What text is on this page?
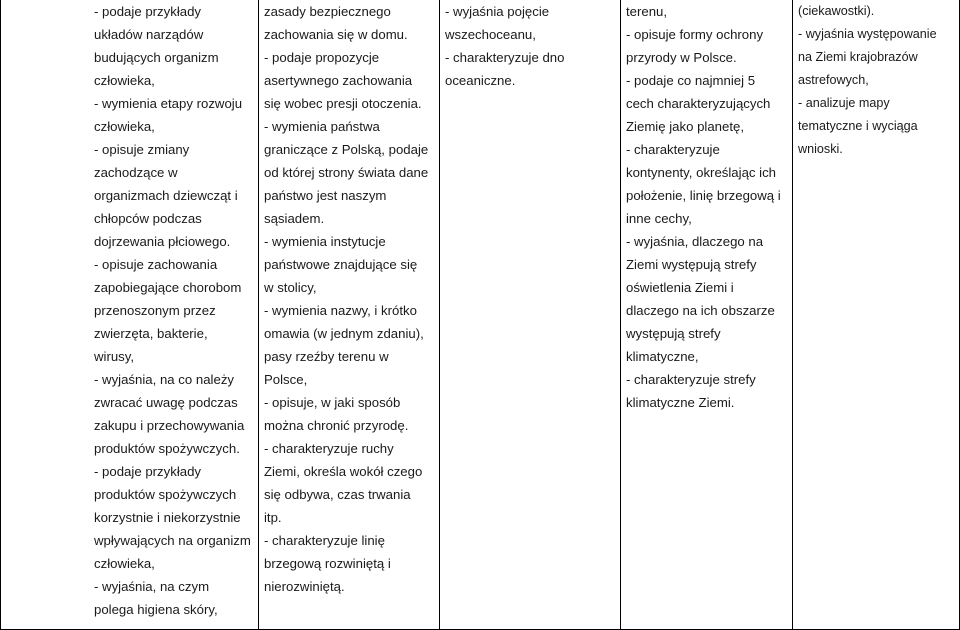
- podaje przykłady
układów narządów
budujących organizm
człowieka,
- wymienia etapy rozwoju
człowieka,
- opisuje zmiany
zachodzące w
organizmach dziewcząt i
chłopców podczas
dojrzewania płciowego.
- opisuje zachowania
zapobiegające chorobom
przenoszonym przez
zwierzęta, bakterie,
wirusy,
- wyjaśnia, na co należy
zwracać uwagę podczas
zakupu i przechowywania
produktów spożywczych.
- podaje przykłady
produktów spożywczych
korzystnie i niekorzystnie
wpływających na organizm
człowieka,
- wyjaśnia, na czym
polega higiena skóry,
zasady bezpiecznego
zachowania się w domu.
- podaje propozycje
asertywnego zachowania
się wobec presji otoczenia.
- wymienia państwa
graniczące z Polską, podaje
od której strony świata dane
państwo jest naszym
sąsiadem.
- wymienia instytucje
państwowe znajdujące się
w stolicy,
- wymienia nazwy, i krótko
omawia (w jednym zdaniu),
pasy rzeźby terenu w
Polsce,
- opisuje, w jaki sposób
można chronić przyrodę.
- charakteryzuje ruchy
Ziemi, określa wokół czego
się odbywa, czas trwania
itp.
- charakteryzuje linię
brzegową rozwiniętą i
nierozwiniętą.
- wyjaśnia pojęcie
wszechoceanu,
- charakteryzuje dno
oceaniczne.
terenu,
- opisuje formy ochrony
przyrody w Polsce.
- podaje co najmniej 5
cech charakteryzujących
Ziemię jako planetę,
- charakteryzuje
kontynenty, określając ich
położenie, linię brzegową i
inne cechy,
- wyjaśnia, dlaczego na
Ziemi występują strefy
oświetlenia Ziemi i
dlaczego na ich obszarze
występują strefy
klimatyczne,
- charakteryzuje strefy
klimatyczne Ziemi.
(ciekawostki).
- wyjaśnia występowanie
na Ziemi krajobrazów
astrefowych,
- analizuje mapy
tematyczne i wyciąga
wnioski.
